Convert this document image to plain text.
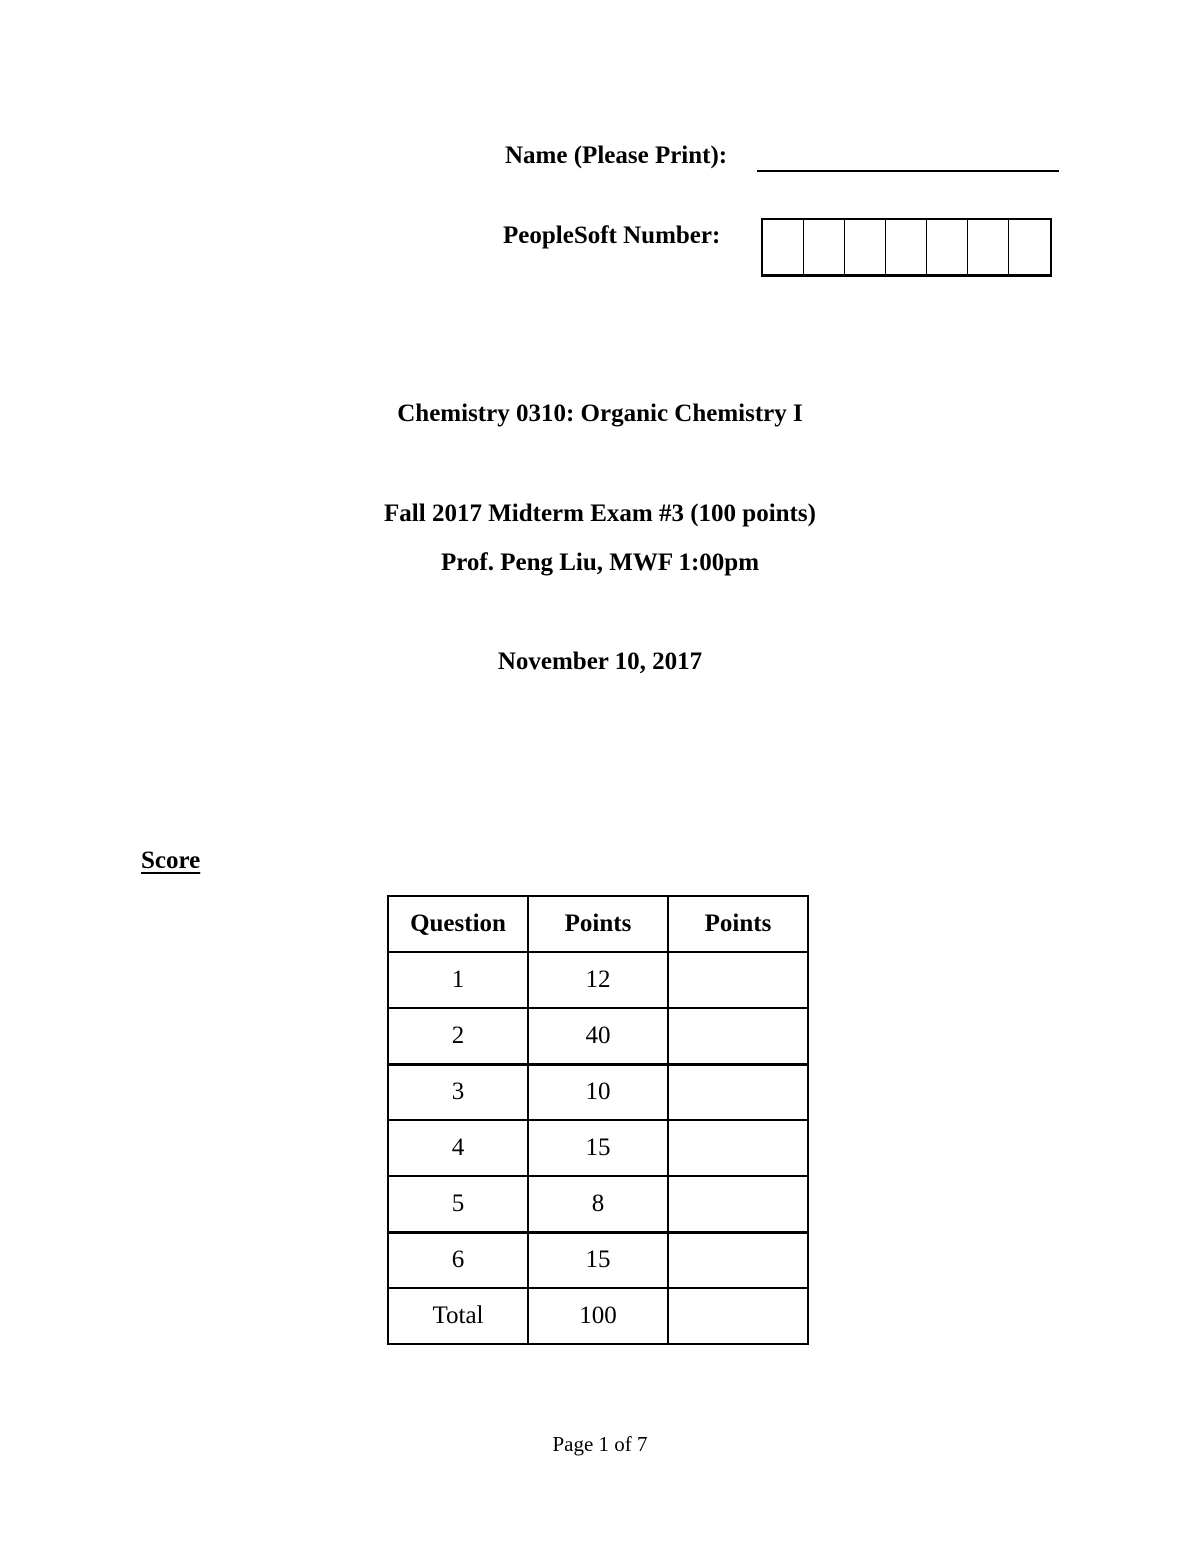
Name (Please Print):
PeopleSoft Number:
Chemistry 0310: Organic Chemistry I
Fall 2017 Midterm Exam #3 (100 points)
Prof. Peng Liu, MWF 1:00pm
November 10, 2017
Score
Question	Points	Points
1	12	
2	40	
3	10	
4	15	
5	8	
6	15	
Total	100	
Page 1 of 7
